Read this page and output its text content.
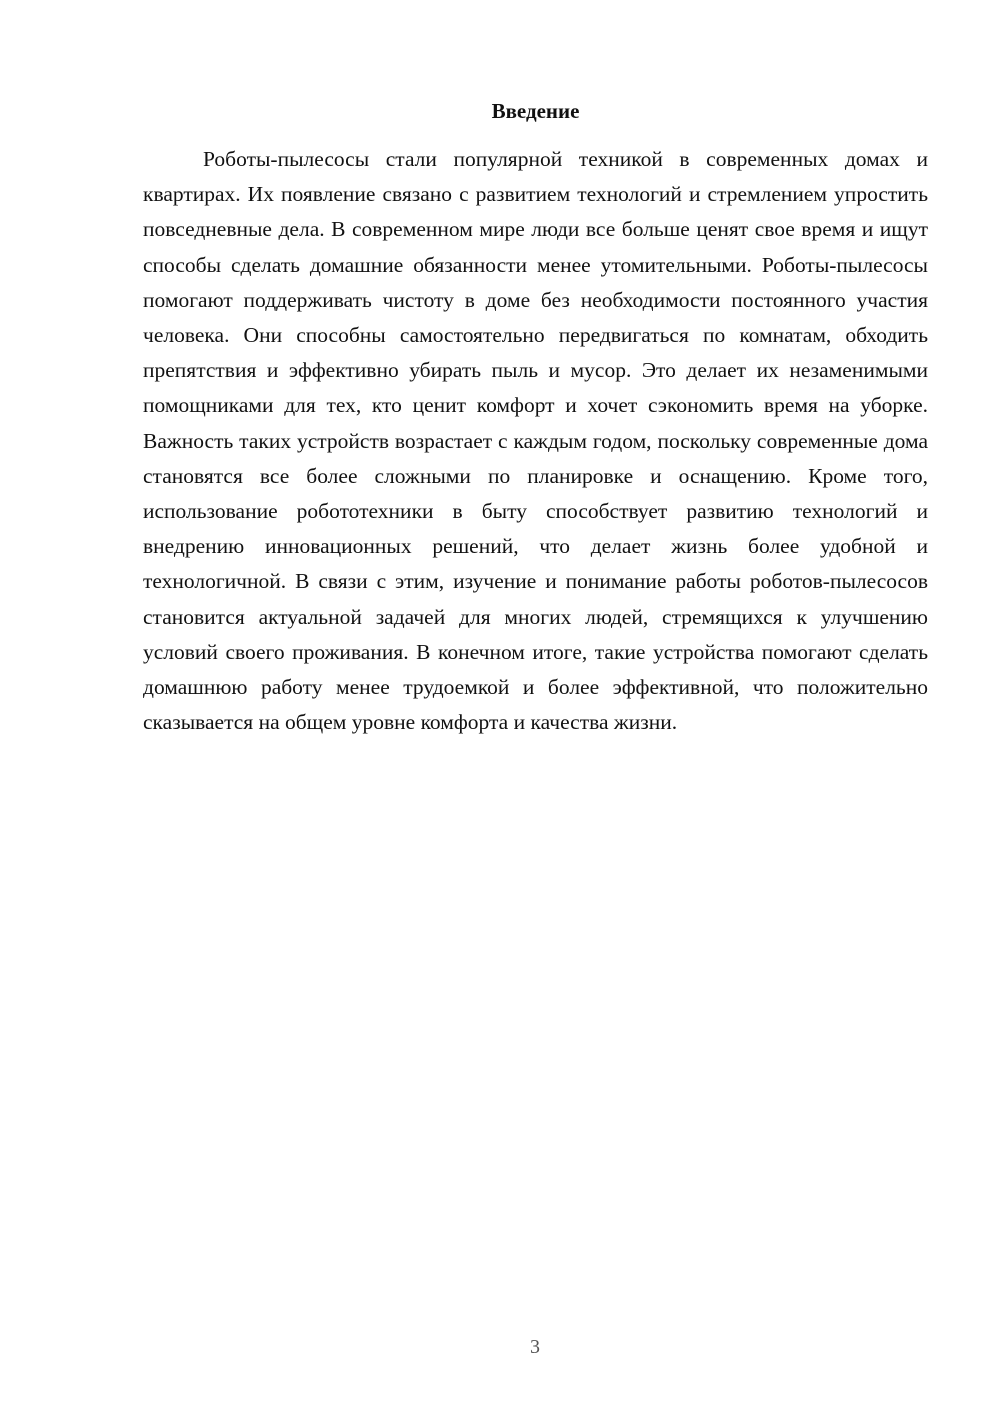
Введение

Роботы-пылесосы стали популярной техникой в современных домах и квартирах. Их появление связано с развитием технологий и стремлением упростить повседневные дела. В современном мире люди все больше ценят свое время и ищут способы сделать домашние обязанности менее утомительными. Роботы-пылесосы помогают поддерживать чистоту в доме без необходимости постоянного участия человека. Они способны самостоятельно передвигаться по комнатам, обходить препятствия и эффективно убирать пыль и мусор. Это делает их незаменимыми помощниками для тех, кто ценит комфорт и хочет сэкономить время на уборке. Важность таких устройств возрастает с каждым годом, поскольку современные дома становятся все более сложными по планировке и оснащению. Кроме того, использование робототехники в быту способствует развитию технологий и внедрению инновационных решений, что делает жизнь более удобной и технологичной. В связи с этим, изучение и понимание работы роботов-пылесосов становится актуальной задачей для многих людей, стремящихся к улучшению условий своего проживания. В конечном итоге, такие устройства помогают сделать домашнюю работу менее трудоемкой и более эффективной, что положительно сказывается на общем уровне комфорта и качества жизни.

3
